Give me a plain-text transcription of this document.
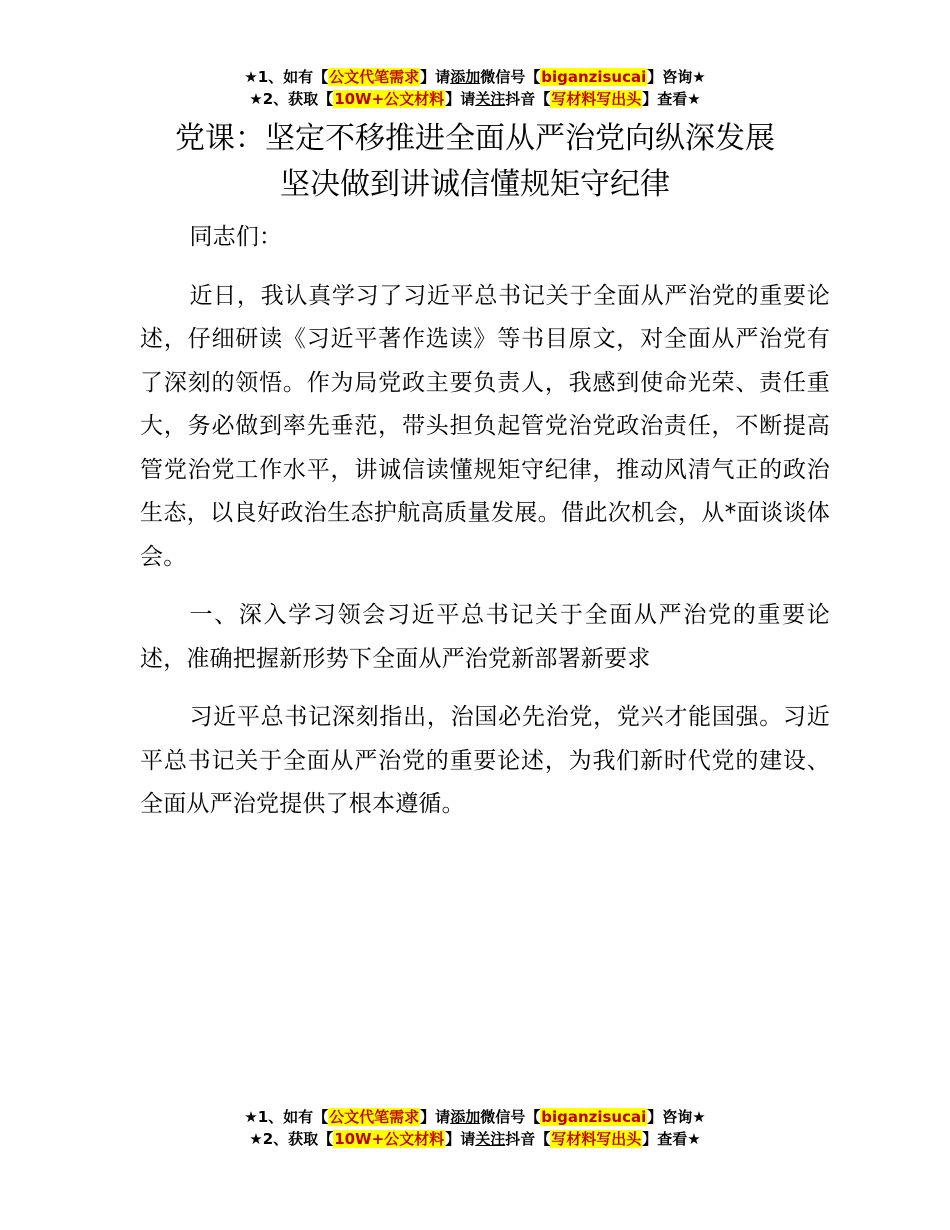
★1、如有【公文代笔需求】请添加微信号【biganzisucai】咨询★
★2、获取【10W+公文材料】请关注抖音【写材料写出头】查看★
党课：坚定不移推进全面从严治党向纵深发展
坚决做到讲诚信懂规矩守纪律

同志们：

近日，我认真学习了习近平总书记关于全面从严治党的重要论述，仔细研读《习近平著作选读》等书目原文，对全面从严治党有了深刻的领悟。作为局党政主要负责人，我感到使命光荣、责任重大，务必做到率先垂范，带头担负起管党治党政治责任，不断提高管党治党工作水平，讲诚信读懂规矩守纪律，推动风清气正的政治生态，以良好政治生态护航高质量发展。借此次机会，从*面谈谈体会。

一、深入学习领会习近平总书记关于全面从严治党的重要论述，准确把握新形势下全面从严治党新部署新要求

习近平总书记深刻指出，治国必先治党，党兴才能国强。习近平总书记关于全面从严治党的重要论述，为我们新时代党的建设、全面从严治党提供了根本遵循。

★1、如有【公文代笔需求】请添加微信号【biganzisucai】咨询★
★2、获取【10W+公文材料】请关注抖音【写材料写出头】查看★
